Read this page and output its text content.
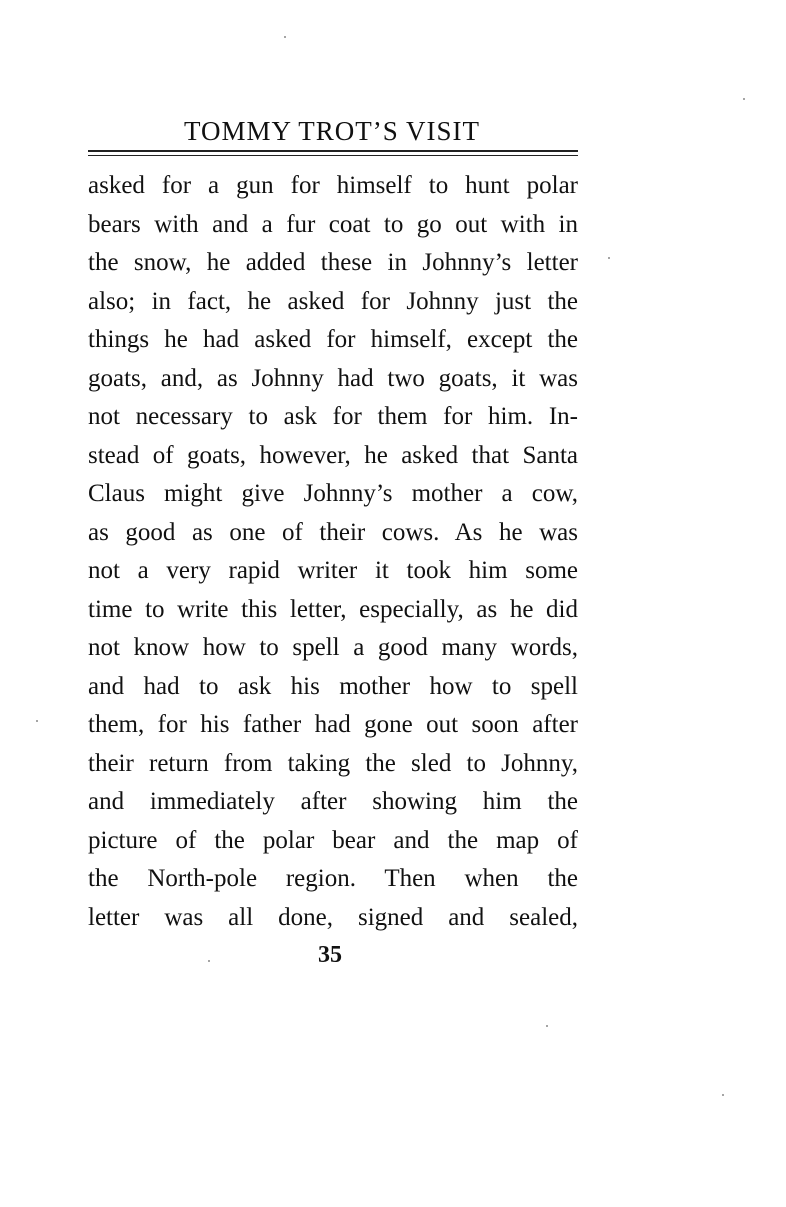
TOMMY TROT’S VISIT
asked for a gun for himself to hunt polar
bears with and a fur coat to go out with in
the snow, he added these in Johnny’s letter
also; in fact, he asked for Johnny just the
things he had asked for himself, except the
goats, and, as Johnny had two goats, it was
not necessary to ask for them for him. In-
stead of goats, however, he asked that Santa
Claus might give Johnny’s mother a cow,
as good as one of their cows. As he was
not a very rapid writer it took him some
time to write this letter, especially, as he did
not know how to spell a good many words,
and had to ask his mother how to spell
them, for his father had gone out soon after
their return from taking the sled to Johnny,
and immediately after showing him the
picture of the polar bear and the map of
the North-pole region. Then when the
letter was all done, signed and sealed,
35
